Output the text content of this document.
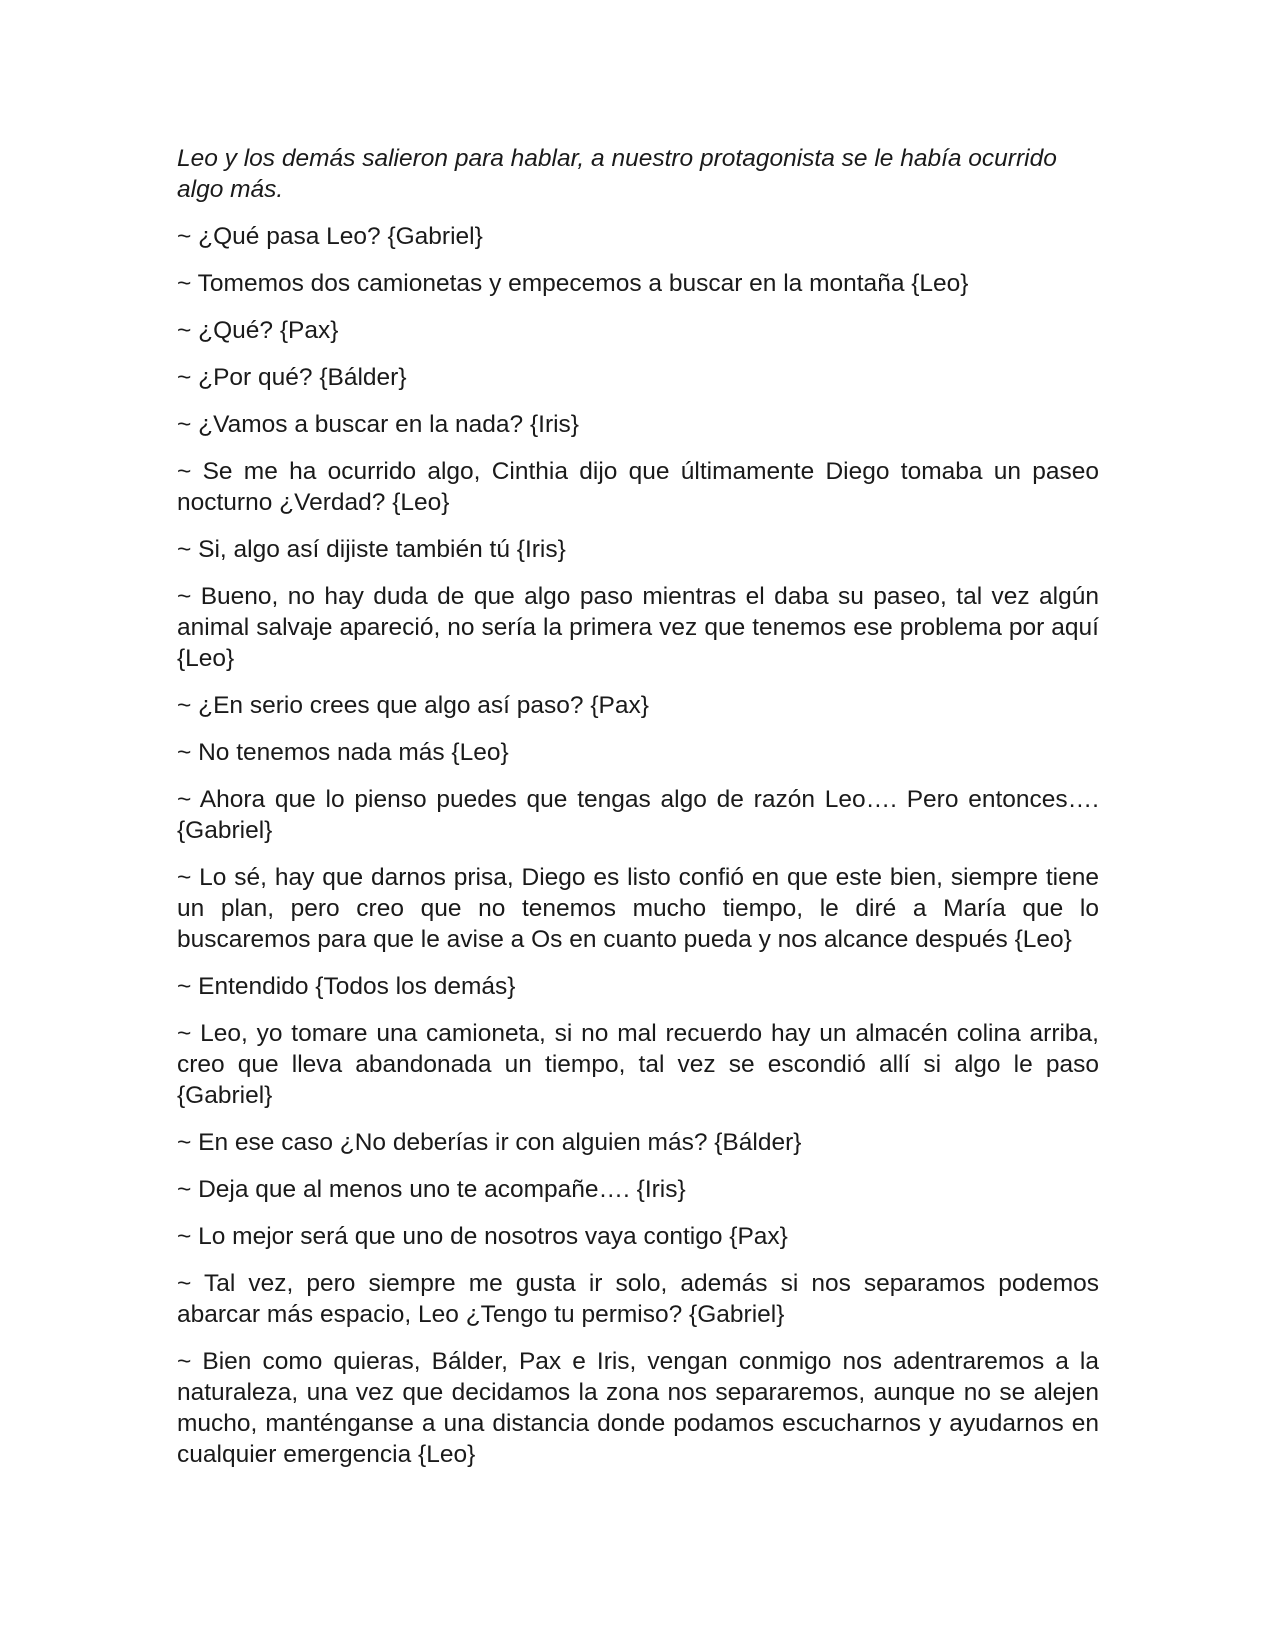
Leo y los demás salieron para hablar, a nuestro protagonista se le había ocurrido algo más.

~ ¿Qué pasa Leo? {Gabriel}

~ Tomemos dos camionetas y empecemos a buscar en la montaña {Leo}

~ ¿Qué? {Pax}

~ ¿Por qué? {Bálder}

~ ¿Vamos a buscar en la nada? {Iris}

~ Se me ha ocurrido algo, Cinthia dijo que últimamente Diego tomaba un paseo nocturno ¿Verdad? {Leo}

~ Si, algo así dijiste también tú {Iris}

~ Bueno, no hay duda de que algo paso mientras el daba su paseo, tal vez algún animal salvaje apareció, no sería la primera vez que tenemos ese problema por aquí {Leo}

~ ¿En serio crees que algo así paso? {Pax}

~ No tenemos nada más {Leo}

~ Ahora que lo pienso puedes que tengas algo de razón Leo…. Pero entonces…. {Gabriel}

~ Lo sé, hay que darnos prisa, Diego es listo confió en que este bien, siempre tiene un plan, pero creo que no tenemos mucho tiempo, le diré a María que lo buscaremos para que le avise a Os en cuanto pueda y nos alcance después {Leo}

~ Entendido {Todos los demás}

~ Leo, yo tomare una camioneta, si no mal recuerdo hay un almacén colina arriba, creo que lleva abandonada un tiempo, tal vez se escondió allí si algo le paso {Gabriel}

~ En ese caso ¿No deberías ir con alguien más? {Bálder}

~ Deja que al menos uno te acompañe…. {Iris}

~ Lo mejor será que uno de nosotros vaya contigo {Pax}

~ Tal vez, pero siempre me gusta ir solo, además si nos separamos podemos abarcar más espacio, Leo ¿Tengo tu permiso? {Gabriel}

~ Bien como quieras, Bálder, Pax e Iris, vengan conmigo nos adentraremos a la naturaleza, una vez que decidamos la zona nos separaremos, aunque no se alejen mucho, manténganse a una distancia donde podamos escucharnos y ayudarnos en cualquier emergencia {Leo}
